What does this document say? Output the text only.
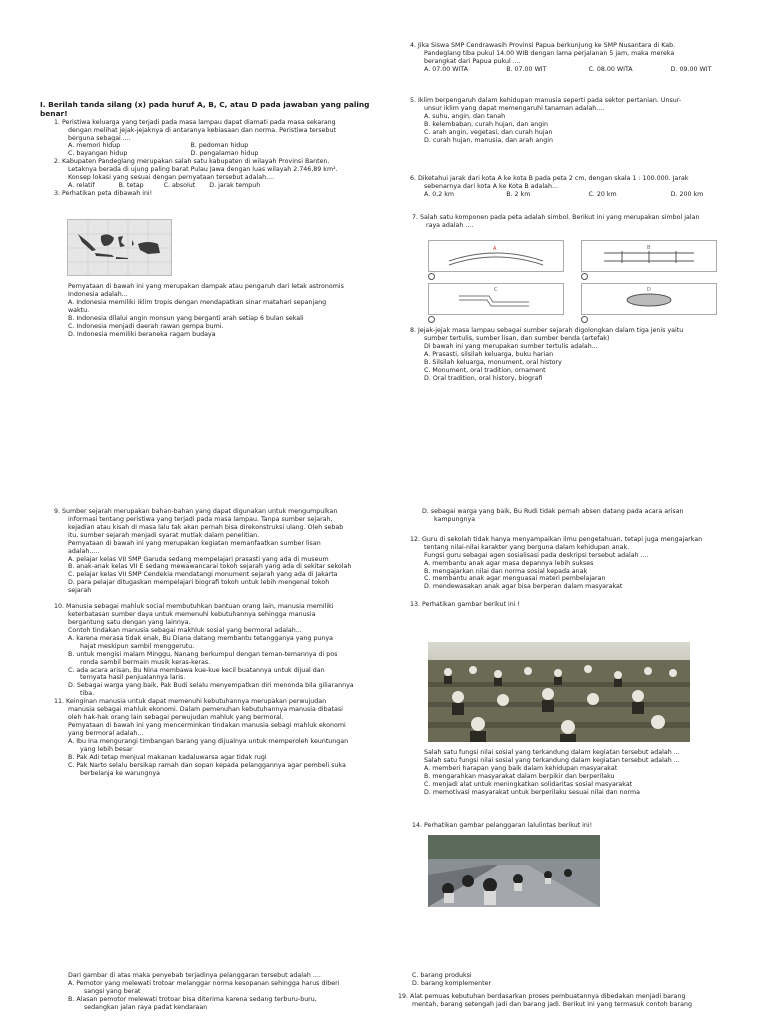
4. Jika Siswa SMP Cendrawasih Provinsi Papua berkunjung ke SMP Nusantara di Kab.

Pandeglang tiba pukul 14.00 WIB dengan lama perjalanan 5 jam, maka mereka

berangkat dari Papua pukul ....

A. 07.00 WITA	B. 07.00 WIT	C. 08.00 WITA	D. 09.00 WIT

5. Iklim berpengaruh dalam kehidupan manusia seperti pada sektor pertanian. Unsur-

unsur iklim yang dapat memengaruhi tanaman adalah....

A. suhu, angin, dan tanah

B. kelembaban, curah hujan, dan angin

C. arah angin, vegetasi, dan curah hujan

D. curah hujan, manusia, dan arah angin

6. Diketahui jarak dari kota A ke kota B pada peta 2 cm, dengan skala 1 : 100.000. Jarak

sebenarnya dari kota A ke Kota B adalah...

A. 0,2 km	B. 2 km	C. 20 km	D. 200 km

7. Salah satu komponen pada peta adalah simbol. Berikut ini yang merupakan simbol jalan

raya adalah ....

A	B
C	D

8. Jejak-jejak masa lampau sebagai sumber sejarah digolongkan dalam tiga jenis yaitu

sumber tertulis, sumber lisan, dan sumber benda (artefak)

Di bawah ini yang merupakan sumber tertulis adalah...

A. Prasasti, silsilah keluarga, buku harian

B. Silsilah keluarga, monument, oral history

C. Monument, oral tradition, ornament

D. Oral tradition, oral history, biografi

I. Berilah tanda silang (x) pada huruf A, B, C, atau D pada jawaban yang paling benar!

1. Peristiwa keluarga yang terjadi pada masa lampau dapat diamati pada masa sekarang

dengan melihat jejak-jejaknya di antaranya kebiasaan dan norma. Peristiwa tersebut

berguna sebagai ....

A. memori hidup	B. pedoman hidup
C. bayangan hidup	D. pengalaman hidup

2. Kabupaten Pandeglang merupakan salah satu kabupaten di wilayah Provinsi Banten.

Letaknya berada di ujung paling barat Pulau Jawa dengan luas wilayah 2.746,89 km².

Konsep lokasi yang sesuai dengan pernyataan tersebut adalah....

A. relatif	B. tetap	C. absolut D. jarak tempuh

3. Perhatikan peta dibawah ini!

Pernyataan di bawah ini yang merupakan dampak atau pengaruh dari letak astronomis

Indonesia adalah...

A. Indonesia memiliki iklim tropis dengan mendapatkan sinar matahari sepanjang

waktu.

B. Indonesia dilalui angin monsun yang berganti arah setiap 6 bulan sekali

C. Indonesia menjadi daerah rawan gempa bumi.

D. Indonesia memiliki beraneka ragam budaya

9. Sumber sejarah merupakan bahan-bahan yang dapat digunakan untuk mengumpulkan

informasi tentang peristiwa yang terjadi pada masa lampau. Tanpa sumber sejarah,

kejadian atau kisah di masa lalu tak akan pernah bisa direkonstruksi ulang. Oleh sebab

itu, sumber sejarah menjadi syarat mutlak dalam penelitian.

Pernyataan di bawah ini yang merupakan kegiatan memanfaatkan sumber lisan

adalah.....

A. pelajar kelas VII SMP Garuda sedang mempelajari prasasti yang ada di museum

B. anak-anak kelas VII E sedang mewawancarai tokoh sejarah yang ada di sekitar sekolah

C. pelajar kelas VII SMP Cendekia mendatangi monument sejarah yang ada di Jakarta

D. para pelajar ditugaskan mempelajari biografi tokoh untuk lebih mengenal tokoh

sejarah

10. Manusia sebagai mahluk social membutuhkan bantuan orang lain, manusia memiliki

keterbatasan sumber daya untuk memenuhi kebutuhannya sehingga manusia

bergantung satu dengan yang lainnya.

Contoh tindakan manusia sebagai makhluk sosial yang bermoral adalah...

A. karena merasa tidak enak, Bu Diana datang membantu tetangganya yang punya

hajat meskipun sambil menggerutu.

B. untuk mengisi malam Minggu, Nanang berkumpul dengan teman-temannya di pos

ronda sambil bermain musik keras-keras.

C. ada acara arisan, Bu Nina membawa kue-kue kecil buatannya untuk dijual dan

ternyata hasil penjualannya laris.

D. Sebagai warga yang baik, Pak Budi selalu menyempatkan diri menonda bila giliarannya

tiba.

11. Keinginan manusia untuk dapat memenuhi kebutuhannya merupakan perwujudan

manusia sebagai mahluk ekonomi. Dalam pemenuhan kebutuhannya manusia dibatasi

oleh hak-hak orang lain sebagai perwujudan mahluk yang bermoral.

Pernyataan di bawah ini yang mencerminkan tindakan manusia sebagi mahluk ekonomi

yang bermoral adalah...

A. Ibu Ina mengurangi timbangan barang yang dijualnya untuk memperoleh keuntungan

yang lebih besar

B. Pak Adi tetap menjual makanan kadaluwarsa agar tidak rugi

C. Pak Narto selalu bersikap ramah dan sopan kepada pelanggannya agar pembeli suka

berbelanja ke warungnya

D. sebagai warga yang baik, Bu Rudi tidak pernah absen datang pada acara arisan

kampungnya

12. Guru di sekolah tidak hanya menyampaikan ilmu pengetahuan, tetapi juga mengajarkan

tentang nilai-nilai karakter yang berguna dalam kehidupan anak.

Fungsi guru sebagai agen sosialisasi pada deskripsi tersebut adalah ....

A. membantu anak agar masa depannya lebih sukses

B. mengajarkan nilai dan norma sosial kepada anak

C. membantu anak agar menguasai materi pembelajaran

D. mendewasakan anak agar bisa berperan dalam masyarakat

13. Perhatikan gambar berikut ini !

Salah satu fungsi nilai sosial yang terkandung dalam kegiatan tersebut adalah ...

Salah satu fungsi nilai sosial yang terkandung dalam kegiatan tersebut adalah ...

A. memberi harapan yang baik dalam kehidupan masyarakat

B. mengarahkan masyarakat dalam berpikir dan berperilaku

C. menjadi alat untuk meningkatkan solidaritas sosial masyarakat

D. memotivasi masyarakat untuk berperilaku sesuai nilai dan norma

14. Perhatikan gambar pelanggaran lalulintas berikut ini!

Dari gambar di atas maka penyebab terjadinya pelanggaran tersebut adalah ....

A. Pemotor yang melewati trotoar melanggar norma kesopanan sehingga harus diberi

sangsi yang berat

B. Alasan pemotor melewati trotoar bisa diterima karena sedang terburu-buru,

sedangkan jalan raya padat kendaraan

C. barang produksi

D. barang komplementer

19. Alat pemuas kebutuhan berdasarkan proses pembuatannya dibedakan menjadi barang

mentah, barang setengah jadi dan barang jadi. Berikut ini yang termasuk contoh barang
